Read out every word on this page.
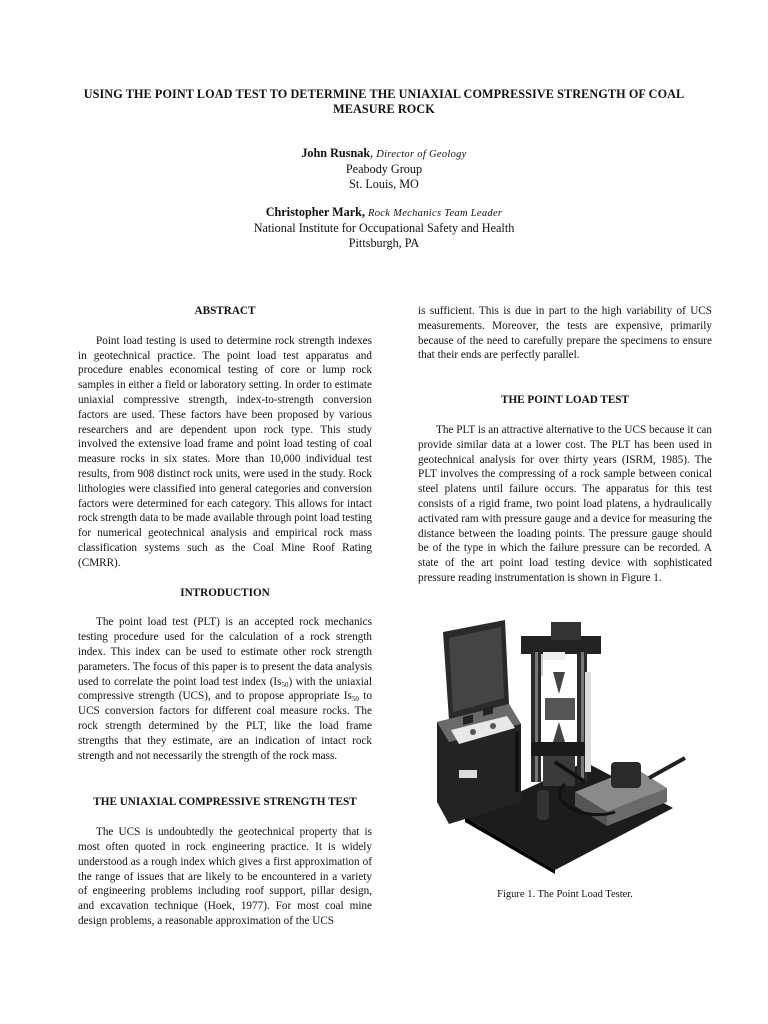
USING THE POINT LOAD TEST TO DETERMINE THE UNIAXIAL COMPRESSIVE STRENGTH OF COAL MEASURE ROCK
John Rusnak, Director of Geology
Peabody Group
St. Louis, MO
Christopher Mark, Rock Mechanics Team Leader
National Institute for Occupational Safety and Health
Pittsburgh, PA
ABSTRACT

Point load testing is used to determine rock strength indexes in geotechnical practice. The point load test apparatus and procedure enables economical testing of core or lump rock samples in either a field or laboratory setting. In order to estimate uniaxial compressive strength, index-to-strength conversion factors are used. These factors have been proposed by various researchers and are dependent upon rock type. This study involved the extensive load frame and point load testing of coal measure rocks in six states. More than 10,000 individual test results, from 908 distinct rock units, were used in the study. Rock lithologies were classified into general categories and conversion factors were determined for each category. This allows for intact rock strength data to be made available through point load testing for numerical geotechnical analysis and empirical rock mass classification systems such as the Coal Mine Roof Rating (CMRR).

INTRODUCTION

The point load test (PLT) is an accepted rock mechanics testing procedure used for the calculation of a rock strength index. This index can be used to estimate other rock strength parameters. The focus of this paper is to present the data analysis used to correlate the point load test index $(Is_{50})$ with the uniaxial compressive strength (UCS), and to propose appropriate $Is_{50}$ to UCS conversion factors for different coal measure rocks. The rock strength determined by the PLT, like the load frame strengths that they estimate, are an indication of intact rock strength and not necessarily the strength of the rock mass.

THE UNIAXIAL COMPRESSIVE STRENGTH TEST

The UCS is undoubtedly the geotechnical property that is most often quoted in rock engineering practice. It is widely understood as a rough index which gives a first approximation of the range of issues that are likely to be encountered in a variety of engineering problems including roof support, pillar design, and excavation technique (Hoek, 1977). For most coal mine design problems, a reasonable approximation of the UCS

is sufficient. This is due in part to the high variability of UCS measurements. Moreover, the tests are expensive, primarily because of the need to carefully prepare the specimens to ensure that their ends are perfectly parallel.

THE POINT LOAD TEST

The PLT is an attractive alternative to the UCS because it can provide similar data at a lower cost. The PLT has been used in geotechnical analysis for over thirty years (ISRM, 1985). The PLT involves the compressing of a rock sample between conical steel platens until failure occurs. The apparatus for this test consists of a rigid frame, two point load platens, a hydraulically activated ram with pressure gauge and a device for measuring the distance between the loading points. The pressure gauge should be of the type in which the failure pressure can be recorded. A state of the art point load testing device with sophisticated pressure reading instrumentation is shown in Figure 1.

Figure 1. The Point Load Tester.
